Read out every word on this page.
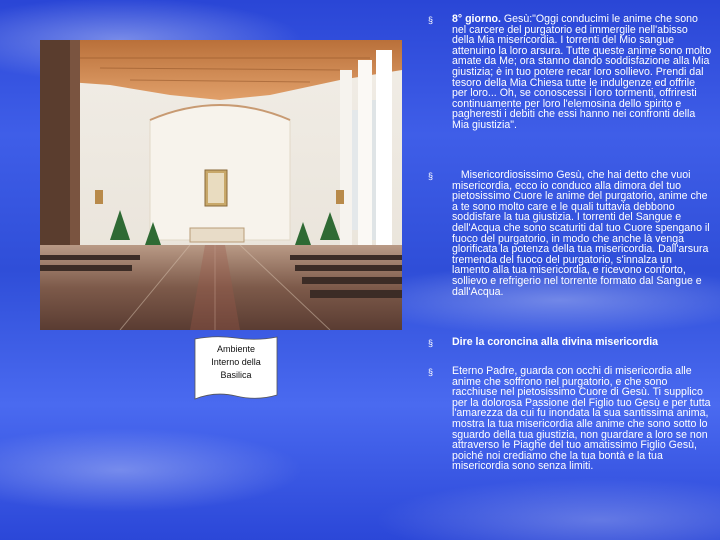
Ambiente
Interno della
Basilica

§ 8° giorno. Gesù:"Oggi conducimi le anime che sono nel carcere del purgatorio ed immergile nell'abisso della Mia misericordia. I torrenti del Mio sangue attenuino la loro arsura. Tutte queste anime sono molto amate da Me; ora stanno dando soddisfazione alla Mia giustizia; è in tuo potere recar loro sollievo. Prendi dal tesoro della Mia Chiesa tutte le indulgenze ed offrile per loro... Oh, se conoscessi i loro tormenti, offriresti continuamente per loro l'elemosina dello spirito e pagheresti i debiti che essi hanno nei confronti della Mia giustizia".

§ Misericordiosissimo Gesù, che hai detto che vuoi misericordia, ecco io conduco alla dimora del tuo pietosissimo Cuore le anime del purgatorio, anime che a te sono molto care e le quali tuttavia debbono soddisfare la tua giustizia. I torrenti del Sangue e dell'Acqua che sono scaturiti dal tuo Cuore spengano il fuoco del purgatorio, in modo che anche là venga glorificata la potenza della tua misericordia. Dall'arsura tremenda del fuoco del purgatorio, s'innalza un lamento alla tua misericordia, e ricevono conforto, sollievo e refrigerio nel torrente formato dal Sangue e dall'Acqua.

§ Dire la coroncina alla divina misericordia

§ Eterno Padre, guarda con occhi di misericordia alle anime che soffrono nel purgatorio, e che sono racchiuse nel pietosissimo Cuore di Gesù. Ti supplico per la dolorosa Passione del Figlio tuo Gesù e per tutta l'amarezza da cui fu inondata la sua santissima anima, mostra la tua misericordia alle anime che sono sotto lo sguardo della tua giustizia, non guardare a loro se non attraverso le Piaghe del tuo amatissimo Figlio Gesù, poiché noi crediamo che la tua bontà e la tua misericordia sono senza limiti.
